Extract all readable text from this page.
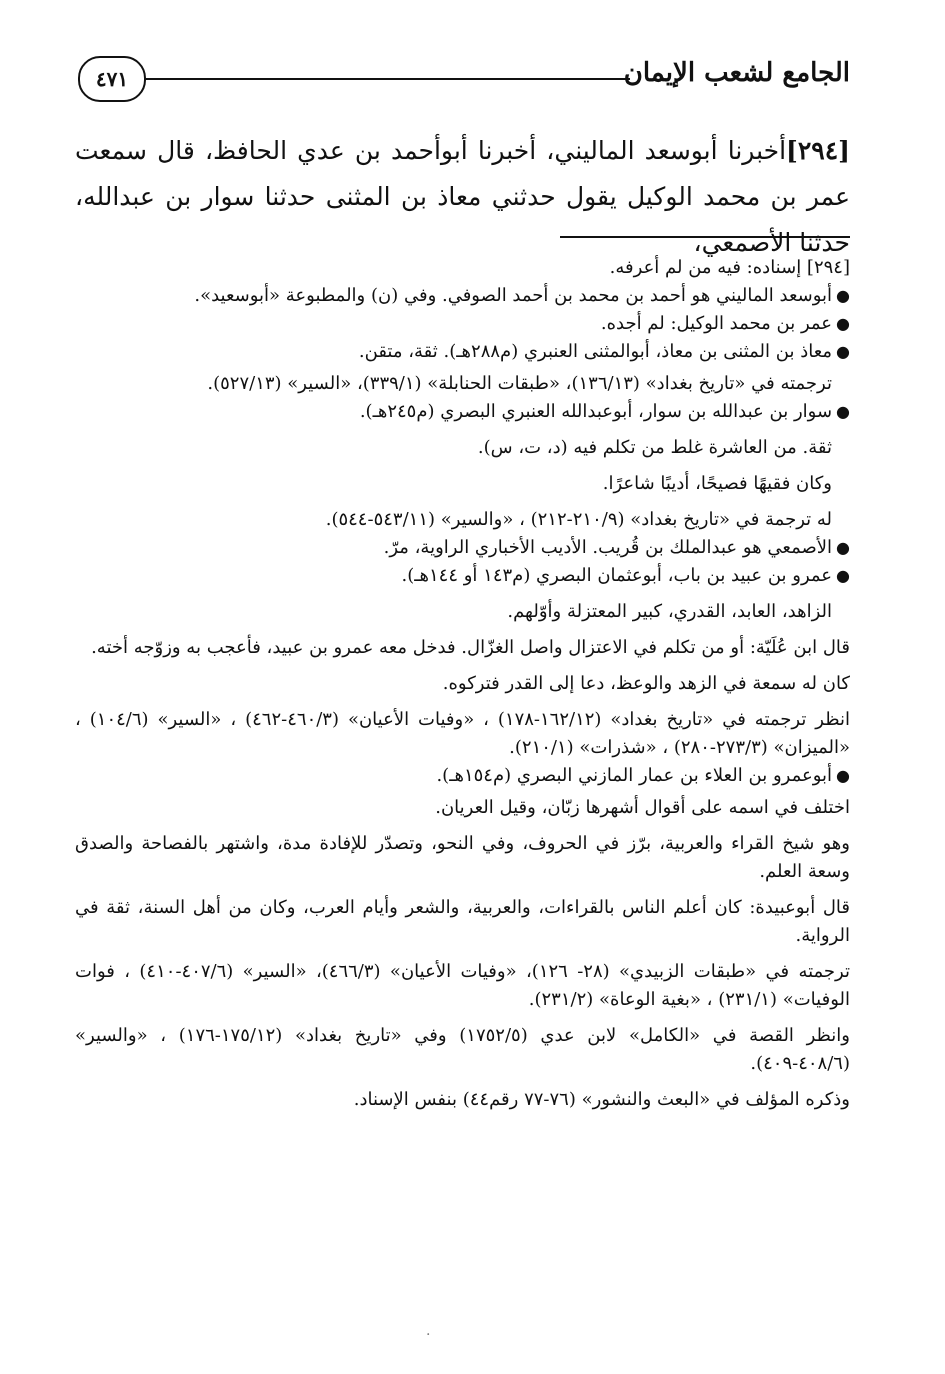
الجامع لشعب الإيمان
٤٧١
[٢٩٤]أخبرنا أبوسعد الماليني، أخبرنا أبوأحمد بن عدي الحافظ، قال سمعت عمر بن محمد الوكيل يقول حدثني معاذ بن المثنى حدثنا سوار بن عبدالله، حدثنا الأصمعي،

[٢٩٤] إسناده: فيه من لم أعرفه.

●أبوسعد الماليني هو أحمد بن محمد بن أحمد الصوفي. وفي (ن) والمطبوعة «أبوسعيد».

●عمر بن محمد الوكيل: لم أجده.

●معاذ بن المثنى بن معاذ، أبوالمثنى العنبري (م٢٨٨هـ). ثقة، متقن.

ترجمته في «تاريخ بغداد» (١٣٦/١٣)، «طبقات الحنابلة» (٣٣٩/١)، «السير» (٥٢٧/١٣).

●سوار بن عبدالله بن سوار، أبوعبدالله العنبري البصري (م٢٤٥هـ).

ثقة. من العاشرة غلط من تكلم فيه (د، ت، س).

وكان فقيهًا فصيحًا، أديبًا شاعرًا.

له ترجمة في «تاريخ بغداد» (٢١٠/٩-٢١٢) ، «والسير» (٥٤٣/١١-٥٤٤).

●الأصمعي هو عبدالملك بن قُريب. الأديب الأخباري الراوية، مرّ.

●عمرو بن عبيد بن باب، أبوعثمان البصري (م١٤٣ أو ١٤٤هـ).

الزاهد، العابد، القدري، كبير المعتزلة وأوّلهم.

قال ابن عُلَيّة: أو من تكلم في الاعتزال واصل الغزّال. فدخل معه عمرو بن عبيد، فأعجب به وزوّجه أخته.

كان له سمعة في الزهد والوعظ، دعا إلى القدر فتركوه.

انظر ترجمته في «تاريخ بغداد» (١٦٢/١٢-١٧٨) ، «وفيات الأعيان» (٤٦٠/٣-٤٦٢) ، «السير» (١٠٤/٦) ، «الميزان» (٢٧٣/٣-٢٨٠) ، «شذرات» (٢١٠/١).

●أبوعمرو بن العلاء بن عمار المازني البصري (م١٥٤هـ).

اختلف في اسمه على أقوال أشهرها زبّان، وقيل العريان.

وهو شيخ القراء والعربية، برّز في الحروف، وفي النحو، وتصدّر للإفادة مدة، واشتهر بالفصاحة والصدق وسعة العلم.

قال أبوعبيدة: كان أعلم الناس بالقراءات، والعربية، والشعر وأيام العرب، وكان من أهل السنة، ثقة في الرواية.

ترجمته في «طبقات الزبيدي» (٢٨- ١٢٦)، «وفيات الأعيان» (٤٦٦/٣)، «السير» (٤٠٧/٦-٤١٠) ، فوات الوفيات» (٢٣١/١) ، «بغية الوعاة» (٢٣١/٢).

وانظر القصة في «الكامل» لابن عدي (١٧٥٢/٥) وفي «تاريخ بغداد» (١٧٥/١٢-١٧٦) ، «والسير» (٤٠٨/٦-٤٠٩).

وذكره المؤلف في «البعث والنشور» (٧٦-٧٧ رقم٤٤) بنفس الإسناد.

.
